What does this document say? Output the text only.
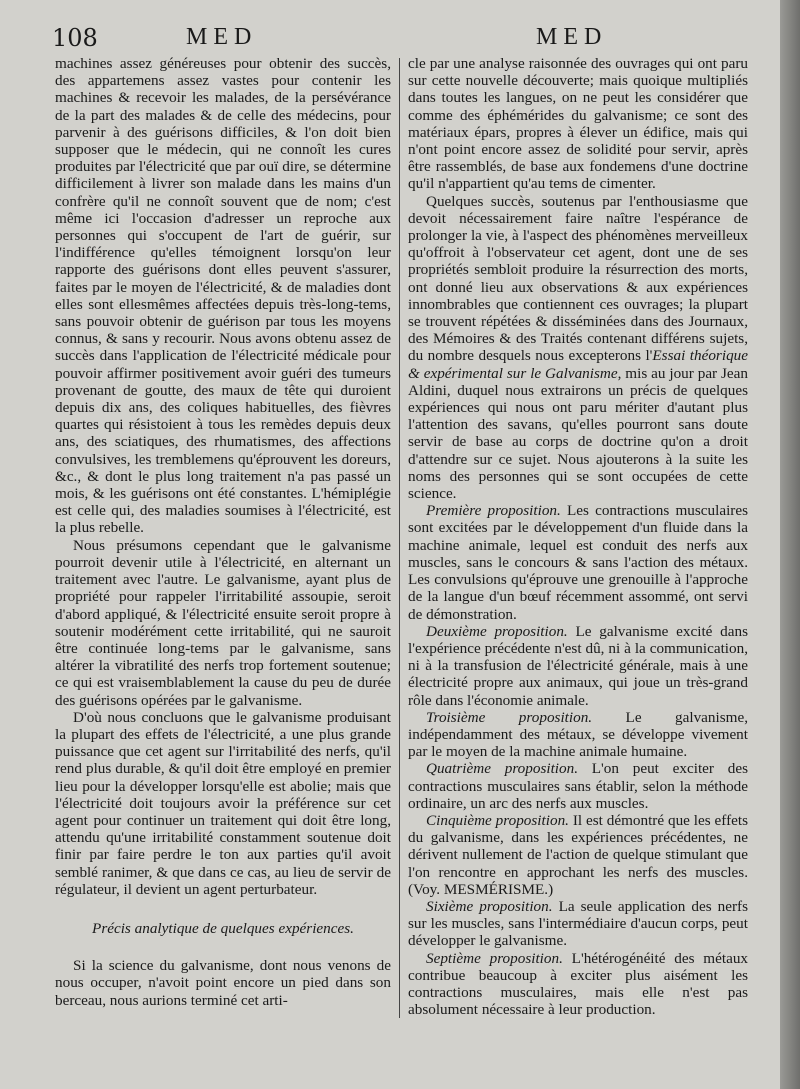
108	MED	MED

machines assez généreuses pour obtenir des succès, des appartemens assez vastes pour contenir les machines & recevoir les malades, de la persévérance de la part des malades & de celle des médecins, pour parvenir à des guérisons difficiles, & l'on doit bien supposer que le médecin, qui ne connoît les cures produites par l'électricité que par ouï dire, se détermine difficilement à livrer son malade dans les mains d'un confrère qu'il ne connoît souvent que de nom; c'est même ici l'occasion d'adresser un reproche aux personnes qui s'occupent de l'art de guérir, sur l'indifférence qu'elles témoignent lorsqu'on leur rapporte des guérisons dont elles peuvent s'assurer, faites par le moyen de l'électricité, & de maladies dont elles sont ellesmêmes affectées depuis très-long-tems, sans pouvoir obtenir de guérison par tous les moyens connus, & sans y recourir. Nous avons obtenu assez de succès dans l'application de l'électricité médicale pour pouvoir affirmer positivement avoir guéri des tumeurs provenant de goutte, des maux de tête qui duroient depuis dix ans, des coliques habituelles, des fièvres quartes qui résistoient à tous les remèdes depuis deux ans, des sciatiques, des rhumatismes, des affections convulsives, les tremblemens qu'éprouvent les doreurs, &c., & dont le plus long traitement n'a pas passé un mois, & les guérisons ont été constantes. L'hémiplégie est celle qui, des maladies soumises à l'électricité, est la plus rebelle.

Nous présumons cependant que le galvanisme pourroit devenir utile à l'électricité, en alternant un traitement avec l'autre. Le galvanisme, ayant plus de propriété pour rappeler l'irritabilité assoupie, seroit d'abord appliqué, & l'électricité ensuite seroit propre à soutenir modérément cette irritabilité, qui ne sauroit être continuée long-tems par le galvanisme, sans altérer la vibratilité des nerfs trop fortement soutenue; ce qui est vraisemblablement la cause du peu de durée des guérisons opérées par le galvanisme.

D'où nous concluons que le galvanisme produisant la plupart des effets de l'électricité, a une plus grande puissance que cet agent sur l'irritabilité des nerfs, qu'il rend plus durable, & qu'il doit être employé en premier lieu pour la développer lorsqu'elle est abolie; mais que l'électricité doit toujours avoir la préférence sur cet agent pour continuer un traitement qui doit être long, attendu qu'une irritabilité constamment soutenue doit finir par faire perdre le ton aux parties qu'il avoit semblé ranimer, & que dans ce cas, au lieu de servir de régulateur, il devient un agent perturbateur.

Précis analytique de quelques expériences.

Si la science du galvanisme, dont nous venons de nous occuper, n'avoit point encore un pied dans son berceau, nous aurions terminé cet arti-

cle par une analyse raisonnée des ouvrages qui ont paru sur cette nouvelle découverte; mais quoique multipliés dans toutes les langues, on ne peut les considérer que comme des éphémérides du galvanisme; ce sont des matériaux épars, propres à élever un édifice, mais qui n'ont point encore assez de solidité pour servir, après être rassemblés, de base aux fondemens d'une doctrine qu'il n'appartient qu'au tems de cimenter.

Quelques succès, soutenus par l'enthousiasme que devoit nécessairement faire naître l'espérance de prolonger la vie, à l'aspect des phénomènes merveilleux qu'offroit à l'observateur cet agent, dont une de ses propriétés sembloit produire la résurrection des morts, ont donné lieu aux observations & aux expériences innombrables que contiennent ces ouvrages; la plupart se trouvent répétées & disséminées dans des Journaux, des Mémoires & des Traités contenant différens sujets, du nombre desquels nous excepterons l'Essai théorique & expérimental sur le Galvanisme, mis au jour par Jean Aldini, duquel nous extrairons un précis de quelques expériences qui nous ont paru mériter d'autant plus l'attention des savans, qu'elles pourront sans doute servir de base au corps de doctrine qu'on a droit d'attendre sur ce sujet. Nous ajouterons à la suite les noms des personnes qui se sont occupées de cette science.

Première proposition. Les contractions musculaires sont excitées par le développement d'un fluide dans la machine animale, lequel est conduit des nerfs aux muscles, sans le concours & sans l'action des métaux. Les convulsions qu'éprouve une grenouille à l'approche de la langue d'un bœuf récemment assommé, ont servi de démonstration.

Deuxième proposition. Le galvanisme excité dans l'expérience précédente n'est dû, ni à la communication, ni à la transfusion de l'électricité générale, mais à une électricité propre aux animaux, qui joue un très-grand rôle dans l'économie animale.

Troisième proposition. Le galvanisme, indépendamment des métaux, se développe vivement par le moyen de la machine animale humaine.

Quatrième proposition. L'on peut exciter des contractions musculaires sans établir, selon la méthode ordinaire, un arc des nerfs aux muscles.

Cinquième proposition. Il est démontré que les effets du galvanisme, dans les expériences précédentes, ne dérivent nullement de l'action de quelque stimulant que l'on rencontre en approchant les nerfs des muscles. (Voy. MESMÉRISME.)

Sixième proposition. La seule application des nerfs sur les muscles, sans l'intermédiaire d'aucun corps, peut développer le galvanisme.

Septième proposition. L'hétérogénéité des métaux contribue beaucoup à exciter plus aisément les contractions musculaires, mais elle n'est pas absolument nécessaire à leur production.
